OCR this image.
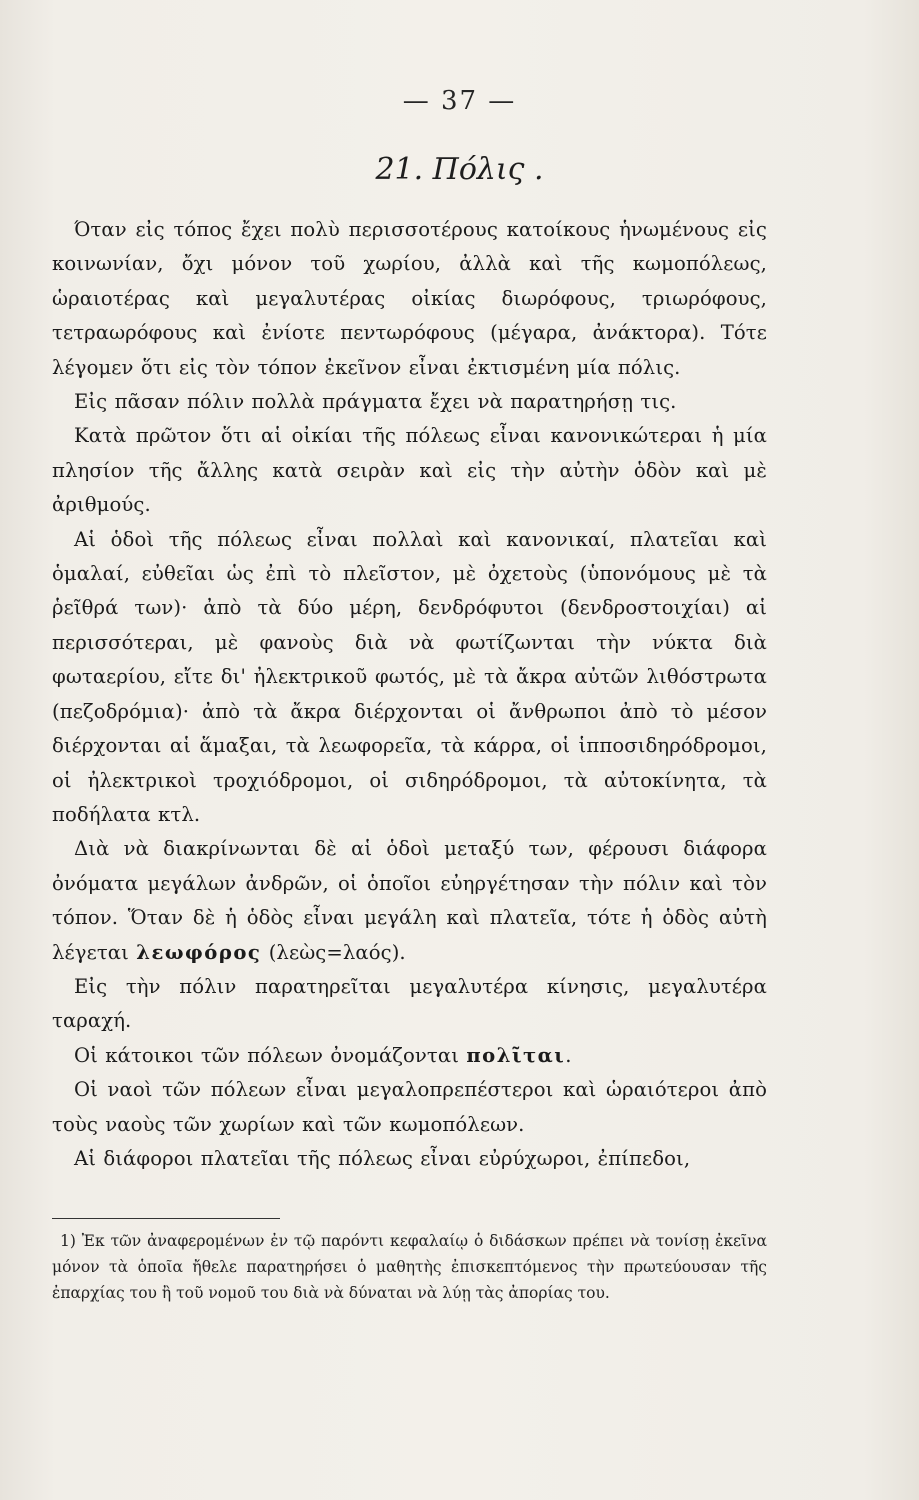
— 37 —
21. Πόλις .

Όταν εἰς τόπος ἔχει πολὺ περισσοτέρους κατοίκους ἡνωμένους εἰς κοινωνίαν, ὄχι μόνον τοῦ χωρίου, ἀλλὰ καὶ τῆς κωμοπόλεως, ὡραιοτέρας καὶ μεγαλυτέρας οἰκίας διωρόφους, τριωρόφους, τετραωρόφους καὶ ἐνίοτε πεντωρόφους (μέγαρα, ἀνάκτορα). Τότε λέγομεν ὅτι εἰς τὸν τόπον ἐκεῖνον εἶναι ἐκτισμένη μία πόλις.

Εἰς πᾶσαν πόλιν πολλὰ πράγματα ἔχει νὰ παρατηρήσῃ τις.

Κατὰ πρῶτον ὅτι αἱ οἰκίαι τῆς πόλεως εἶναι κανονικώτεραι ἡ μία πλησίον τῆς ἄλλης κατὰ σειρὰν καὶ εἰς τὴν αὐτὴν ὁδὸν καὶ μὲ ἀριθμούς.

Αἱ ὁδοὶ τῆς πόλεως εἶναι πολλαὶ καὶ κανονικαί, πλατεῖαι καὶ ὁμαλαί, εὐθεῖαι ὡς ἐπὶ τὸ πλεῖστον, μὲ ὀχετοὺς (ὑπονόμους μὲ τὰ ῥεῖθρά των)· ἀπὸ τὰ δύο μέρη, δενδρόφυτοι (δενδροστοιχίαι) αἱ περισσότεραι, μὲ φανοὺς διὰ νὰ φωτίζωνται τὴν νύκτα διὰ φωταερίου, εἴτε δι' ἠλεκτρικοῦ φωτός, μὲ τὰ ἄκρα αὐτῶν λιθόστρωτα (πεζοδρόμια)· ἀπὸ τὰ ἄκρα διέρχονται οἱ ἄνθρωποι ἀπὸ τὸ μέσον διέρχονται αἱ ἅμαξαι, τὰ λεωφορεῖα, τὰ κάρρα, οἱ ἱπποσιδηρόδρομοι, οἱ ἠλεκτρικοὶ τροχιόδρομοι, οἱ σιδηρόδρομοι, τὰ αὐτοκίνητα, τὰ ποδήλατα κτλ.

Διὰ νὰ διακρίνωνται δὲ αἱ ὁδοὶ μεταξύ των, φέρουσι διάφορα ὀνόματα μεγάλων ἀνδρῶν, οἱ ὁποῖοι εὐηργέτησαν τὴν πόλιν καὶ τὸν τόπον. Ὅταν δὲ ἡ ὁδὸς εἶναι μεγάλη καὶ πλατεῖα, τότε ἡ ὁδὸς αὐτὴ λέγεται λεωφόρος (λεὼς=λαός).

Εἰς τὴν πόλιν παρατηρεῖται μεγαλυτέρα κίνησις, μεγαλυτέρα ταραχή.

Οἱ κάτοικοι τῶν πόλεων ὀνομάζονται πολῖται.

Οἱ ναοὶ τῶν πόλεων εἶναι μεγαλοπρεπέστεροι καὶ ὡραιότεροι ἀπὸ τοὺς ναοὺς τῶν χωρίων καὶ τῶν κωμοπόλεων.

Αἱ διάφοροι πλατεῖαι τῆς πόλεως εἶναι εὐρύχωροι, ἐπίπεδοι,

1) Ἐκ τῶν ἀναφερομένων ἐν τῷ παρόντι κεφαλαίῳ ὁ διδάσκων πρέπει νὰ τονίσῃ ἐκεῖνα μόνον τὰ ὁποῖα ἤθελε παρατηρήσει ὁ μαθητὴς ἐπισκεπτόμενος τὴν πρωτεύουσαν τῆς ἐπαρχίας του ἢ τοῦ νομοῦ του διὰ νὰ δύναται νὰ λύῃ τὰς ἀπορίας του.
